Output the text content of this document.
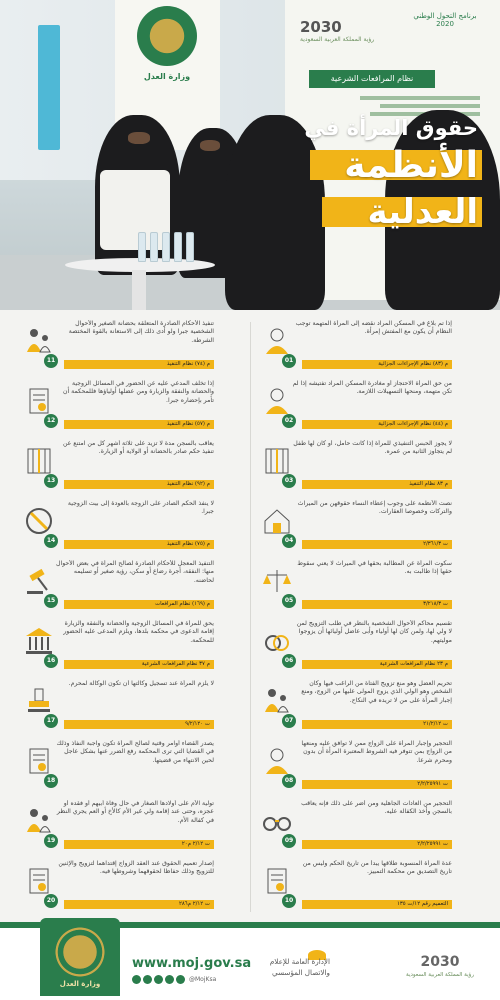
وزارة العدل	نظام المرافعات الشرعية
2030
رؤية المملكة العربية السعودية
برنامج التحول الوطني 2020
حقوق المرأة في
الأنظمة
العدلية
إذا تم بلاغ في المسكن المراد نقضه إلى المرأة المتهمة توجب النظام أن يكون مع المفتش إمرأة.
م (٨٣) نظام الإجراءات الجزائية
01
من حق المرأة الاحتجاز أو مغادرة المسكن المراد تفتيشه إذا لم تكن متهمة، ومنحها التسهيلات اللازمة.
م (٤٤) نظام الإجراءات الجزائية
02
لا يجوز الحبس التنفيذي للمرأة إذا كانت حامل، أو كان لها طفل لم يتجاوز الثانية من عمره.
م ٨٣ نظام التنفيذ
03
نصت الأنظمة على وجوب إعطاء النساء حقوقهن من الميراث والتركات وخصوصا العقارات.
ت ٢/٣٦١/٣
04
سكوت المرأة عن المطالبة بحقها في الميراث لا يعني سقوط حقها إذا طالبت به.
ت ٣/٢١٨/٣
05
تقسيم محاكم الأحوال الشخصية بالنظر في طلب التزويج لمن لا ولي لها، ولمن كان لها أولياء وأبى عاضل أوليائها أن يزوجوا موليتهم.
م ٢٣ نظام المرافعات الشرعية
06
تحريم العضل وهو منع تزويج الفتاة من الراغب فيها وكان الشخص وهو الولي الذي يزوج المولى عليها من الزوج، ومنع إجبار المرأة على من لا تريده في النكاح.
ت ٢١/٢/١٢
07
التحجير وإجبار المرأة على الزواج ممن لا توافق عليه ومنعها من الزواج بمن تتوفر فيه الشروط المعتبرة المرأة أن بدون ومحرم شرعا.
ت ٢/٢/٢٥٩٩١
08
التحجير من العادات الجاهلية ومن أضر على ذلك فإنه يعاقب بالسجن وأخذ الكفالة عليه.
ت ٢/٢/٢٥٩٩١
09
عدة المرأة المنسوبة طلاقها يبدأ من تاريخ الحكم وليس من تاريخ التصديق من محكمة التمييز.
التعميم رقم ١٢/ت ١٣٥
10
تنفيذ الأحكام الصادرة المتعلقة بحضانة الصغير والأحوال الشخصية جبرا ولو أدى ذلك إلى الاستعانة بالقوة المختصة الشرطة.
م (٧٤) نظام التنفيذ
11
إذا تخلف المدعي عليه عن الحضور في المسائل الزوجية والحضانة والنفقة والزيارة ومن عضلها أولياؤها فللمحكمة أن تأمر بإحضاره جبرا.
م (٥٧) نظام التنفيذ
12
يعاقب بالسجن مدة لا تزيد على ثلاثة أشهر كل من امتنع عن تنفيذ حكم صادر بالحضانة أو الولاية أو الزيارة.
م (٩٢) نظام التنفيذ
13
لا ينفذ الحكم الصادر على الزوجة بالعودة إلى بيت الزوجية جبرا.
م (٧٥) نظام التنفيذ
14
التنفيذ المعجل للأحكام الصادرة لصالح المرأة في بعض الأحوال منها: النفقة، أجرة رضاع أو سكن، رؤية صغير أو تسليمه لحاضنه.
م (١٦٩) نظام المرافعات
15
يحق للمرأة في المسائل الزوجية والحضانة والنفقة والزيارة إقامة الدعوى في محكمة بلدها، ويلزم المدعى عليه الحضور للمحكمة.
م ٣٧ نظام المرافعات الشرعية
16
لا يلزم المرأة عند تسجيل وكالتها أن تكون الوكالة لمحرم.
ت ٩/٢/١٢٠
17
يصدر القضاء أوامر وقتية لصالح المرأة تكون واجبة النفاذ وذلك في القضايا التي ترى المحكمة رفع الضرر عنها بشكل عاجل لحين الانتهاء من قضيتها.
18
تولية الأم على أولادها الصغار في حال وفاة أبيهم أو فقده أو عجزه، وحتى عند إقامة ولي غير الأم كالأخ أو العم يجري النظر في كفالة الأم.
ت ٢/١٢ م٢٠
19
إصدار تعميم الحقوق عند العقد الزواج إقتداهما لتزويج والإثنين للتزويج وذلك حفاظا لحقوقهما وشروطها فيه.
ت ٢/١٢ م٢٨٦
20
وزارة العدل
www.moj.gov.sa
@MojKsa
الإدارة العامة للإعلام
والاتصال المؤسسي
2030
رؤية المملكة العربية السعودية
